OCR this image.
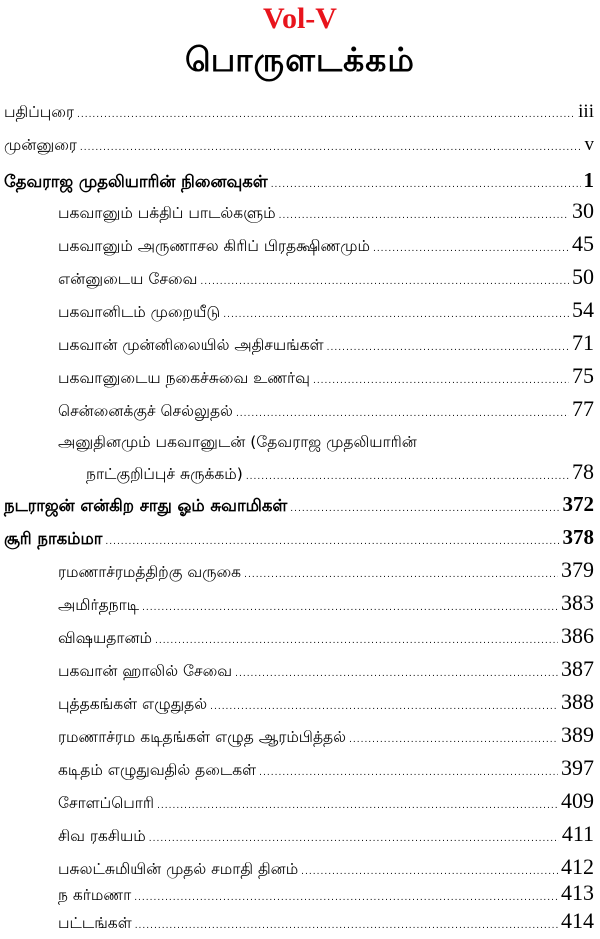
Vol-V
பொருளடக்கம்
பதிப்புரை .....	iii
முன்னுரை .....	v
தேவராஜ முதலியாரின் நினைவுகள் .....	1
பகவானும் பக்திப் பாடல்களும் .....	30
பகவானும் அருணாசல கிரிப் பிரதக்ஷிணமும் .....	45
என்னுடைய சேவை .....	50
பகவானிடம் முறையீடு .....	54
பகவான் முன்னிலையில் அதிசயங்கள் .....	71
பகவானுடைய நகைச்சுவை உணர்வு .....	75
சென்னைக்குச் செல்லுதல் .....	77
அனுதினமும் பகவானுடன் (தேவராஜ முதலியாரின்
நாட்குறிப்புச் சுருக்கம்) .....	78
நடராஜன் என்கிற சாது ஓம் சுவாமிகள் .....	372
சூரி நாகம்மா .....	378
ரமணாச்ரமத்திற்கு வருகை .....	379
அமிர்தநாடி .....	383
விஷயதானம் .....	386
பகவான் ஹாலில் சேவை .....	387
புத்தகங்கள் எழுதுதல் .....	388
ரமணாச்ரம கடிதங்கள் எழுத ஆரம்பித்தல் .....	389
கடிதம் எழுதுவதில் தடைகள் .....	397
சோளப்பொரி .....	409
சிவ ரகசியம் .....	411
பசுலட்சுமியின் முதல் சமாதி தினம் .....	412
ந கர்மணா .....	413
பட்டங்கள் .....	414
